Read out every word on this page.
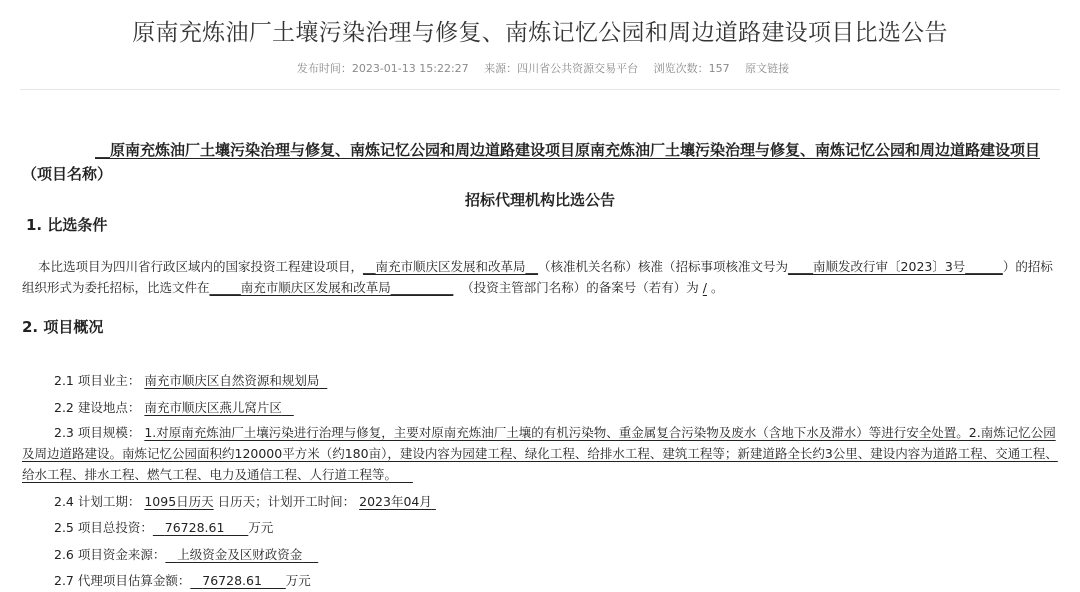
原南充炼油厂土壤污染治理与修复、南炼记忆公园和周边道路建设项目比选公告
发布时间：2023-01-13 15:22:27 来源：四川省公共资源交易平台 浏览次数：157 原文链接
__原南充炼油厂土壤污染治理与修复、南炼记忆公园和周边道路建设项目原南充炼油厂土壤污染治理与修复、南炼记忆公园和周边道路建设项目（项目名称）
招标代理机构比选公告
1. 比选条件
本比选项目为四川省行政区域内的国家投资工程建设项目，__南充市顺庆区发展和改革局__（核准机关名称）核准（招标事项核准文号为____南顺发改行审〔2023〕3号______）的招标组织形式为委托招标，比选文件在_____南充市顺庆区发展和改革局__________ （投资主管部门名称）的备案号（若有）为 / 。
2. 项目概况
2.1 项目业主： 南充市顺庆区自然资源和规划局
2.2 建设地点： 南充市顺庆区燕儿窝片区
2.3 项目规模： 1.对原南充炼油厂土壤污染进行治理与修复，主要对原南充炼油厂土壤的有机污染物、重金属复合污染物及废水（含地下水及滞水）等进行安全处置。2.南炼记忆公园及周边道路建设。南炼记忆公园面积约120000平方米（约180亩），建设内容为园建工程、绿化工程、给排水工程、建筑工程等；新建道路全长约3公里、建设内容为道路工程、交通工程、给水工程、排水工程、燃气工程、电力及通信工程、人行道工程等。
2.4 计划工期： 1095日历天 日历天；计划开工时间： 2023年04月
2.5 项目总投资： 76728.61 万元
2.6 项目资金来源： 上级资金及区财政资金
2.7 代理项目估算金额： 76728.61 万元
